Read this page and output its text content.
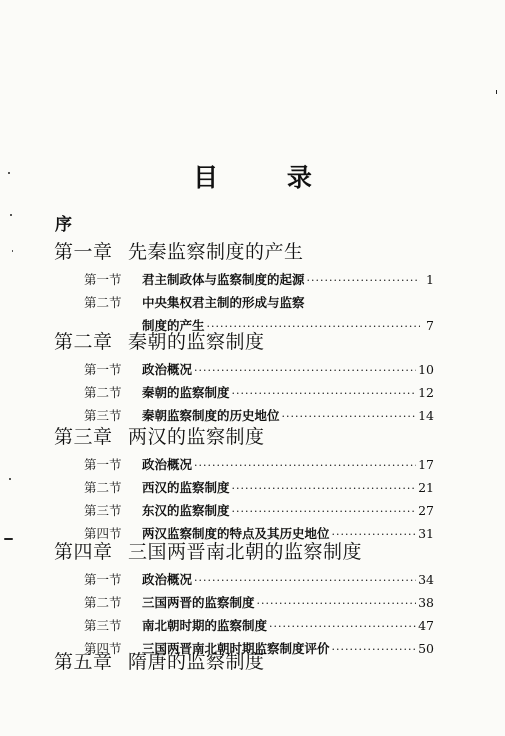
目 录
序
第一章 先秦监察制度的产生
第一节	君主制政体与监察制度的起源 ·····	1
第二节	中央集权君主制的形成与监察
制度的产生 ·····	7
第二章 秦朝的监察制度
第一节	政治概况 ·····	10
第二节	秦朝的监察制度 ·····	12
第三节	秦朝监察制度的历史地位 ·····	14
第三章 两汉的监察制度
第一节	政治概况 ·····	17
第二节	西汉的监察制度 ·····	21
第三节	东汉的监察制度 ·····	27
第四节	两汉监察制度的特点及其历史地位 ·····	31
第四章 三国两晋南北朝的监察制度
第一节	政治概况 ·····	34
第二节	三国两晋的监察制度 ·····	38
第三节	南北朝时期的监察制度 ·····	47
第四节	三国两晋南北朝时期监察制度评价 ·····	50
第五章 隋唐的监察制度
